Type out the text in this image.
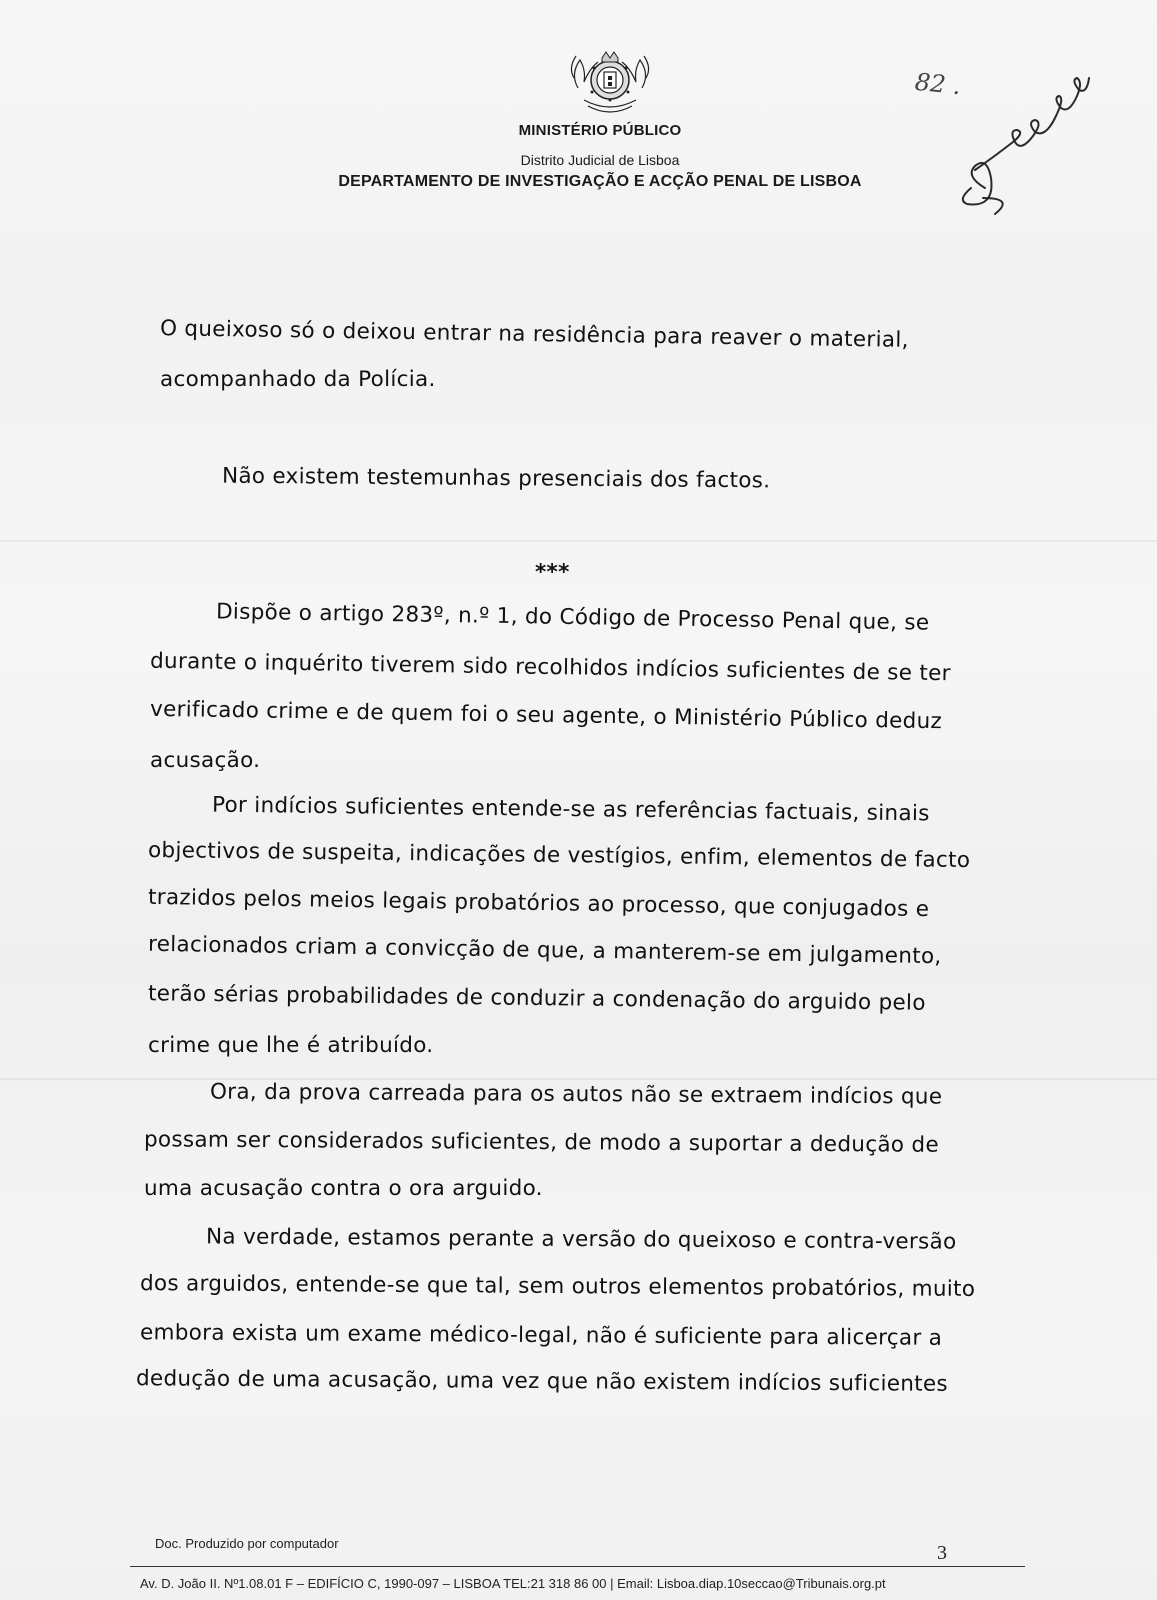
MINISTÉRIO PÚBLICO
Distrito Judicial de Lisboa
DEPARTAMENTO DE INVESTIGAÇÃO E ACÇÃO PENAL DE LISBOA
82 .
O queixoso só o deixou entrar na residência para reaver o material,
acompanhado da Polícia.
Não existem testemunhas presenciais dos factos.
***
Dispõe o artigo 283º, n.º 1, do Código de Processo Penal que, se
durante o inquérito tiverem sido recolhidos indícios suficientes de se ter
verificado crime e de quem foi o seu agente, o Ministério Público deduz
acusação.
Por indícios suficientes entende-se as referências factuais, sinais
objectivos de suspeita, indicações de vestígios, enfim, elementos de facto
trazidos pelos meios legais probatórios ao processo, que conjugados e
relacionados criam a convicção de que, a manterem-se em julgamento,
terão sérias probabilidades de conduzir a condenação do arguido pelo
crime que lhe é atribuído.
Ora, da prova carreada para os autos não se extraem indícios que
possam ser considerados suficientes, de modo a suportar a dedução de
uma acusação contra o ora arguido.
Na verdade, estamos perante a versão do queixoso e contra-versão
dos arguidos, entende-se que tal, sem outros elementos probatórios, muito
embora exista um exame médico-legal, não é suficiente para alicerçar a
dedução de uma acusação, uma vez que não existem indícios suficientes
Doc. Produzido por computador	3
Av. D. João II. Nº1.08.01 F – EDIFÍCIO C, 1990-097 – LISBOA TEL:21 318 86 00 | Email: Lisboa.diap.10seccao@Tribunais.org.pt
